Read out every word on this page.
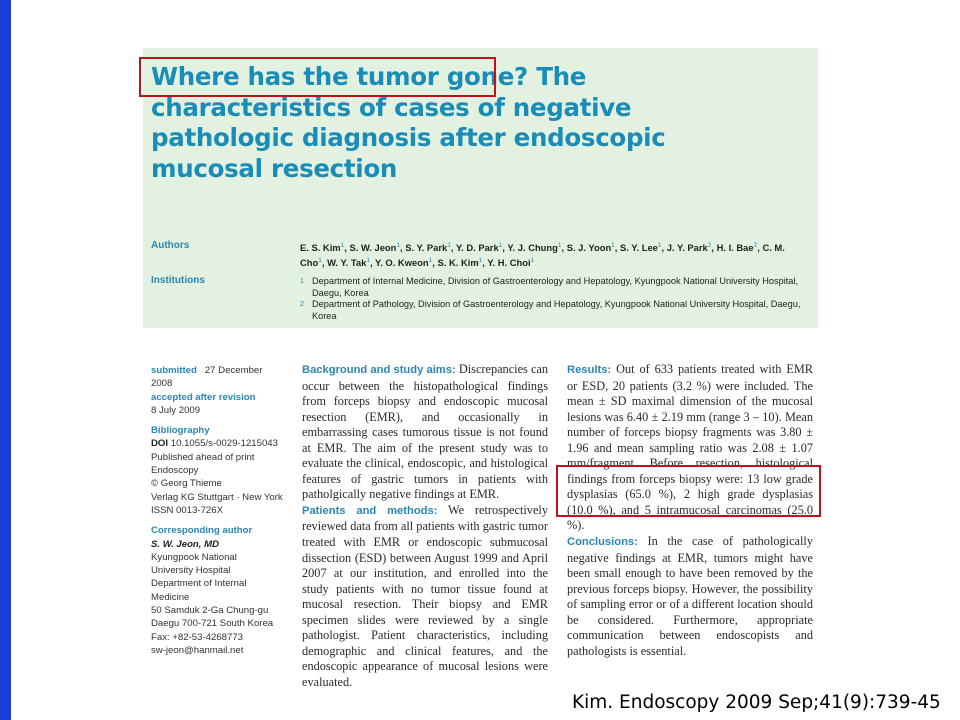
Where has the tumor gone? The characteristics of cases of negative pathologic diagnosis after endoscopic mucosal resection
Authors	E. S. Kim$^1$, S. W. Jeon$^1$, S. Y. Park$^1$, Y. D. Park$^1$, Y. J. Chung$^1$, S. J. Yoon$^1$, S. Y. Lee$^1$, J. Y. Park$^2$, H. I. Bae$^2$, C. M. Cho$^1$, W. Y. Tak$^1$, Y. O. Kweon$^1$, S. K. Kim$^1$, Y. H. Choi$^1$

Institutions	1 Department of Internal Medicine, Division of Gastroenterology and Hepatology, Kyungpook National University Hospital, Daegu, Korea
2 Department of Pathology, Division of Gastroenterology and Hepatology, Kyungpook National University Hospital, Daegu, Korea

submitted 27 December

2008

accepted after revision

8 July 2009

Bibliography

DOI 10.1055/s-0029-1215043

Published ahead of print

Endoscopy

© Georg Thieme

Verlag KG Stuttgart · New York

ISSN 0013-726X

Corresponding author

S. W. Jeon, MD

Kyungpook National

University Hospital

Department of Internal

Medicine

50 Samduk 2-Ga Chung-gu

Daegu 700-721 South Korea

Fax: +82-53-4268773

sw-jeon@hanmail.net

Background and study aims: Discrepancies can occur between the histopathological findings from forceps biopsy and endoscopic mucosal resection (EMR), and occasionally in embarrassing cases tumorous tissue is not found at EMR. The aim of the present study was to evaluate the clinical, endoscopic, and histological features of gastric tumors in patients with patholgically negative findings at EMR.

Patients and methods: We retrospectively reviewed data from all patients with gastric tumor treated with EMR or endoscopic submucosal dissection (ESD) between August 1999 and April 2007 at our institution, and enrolled into the study patients with no tumor tissue found at mucosal resection. Their biopsy and EMR specimen slides were reviewed by a single pathologist. Patient characteristics, including demographic and clinical features, and the endoscopic appearance of mucosal lesions were evaluated.

Results: Out of 633 patients treated with EMR or ESD, 20 patients (3.2 %) were included. The mean ± SD maximal dimension of the mucosal lesions was 6.40 ± 2.19 mm (range 3 – 10). Mean number of forceps biopsy fragments was 3.80 ± 1.96 and mean sampling ratio was 2.08 ± 1.07 mm/fragment. Before resection, histological findings from forceps biopsy were: 13 low grade dysplasias (65.0 %), 2 high grade dysplasias (10.0 %), and 5 intramucosal carcinomas (25.0 %).

Conclusions: In the case of pathologically negative findings at EMR, tumors might have been small enough to have been removed by the previous forceps biopsy. However, the possibility of sampling error or of a different location should be considered. Furthermore, appropriate communication between endoscopists and pathologists is essential.

Kim. Endoscopy 2009 Sep;41(9):739-45
